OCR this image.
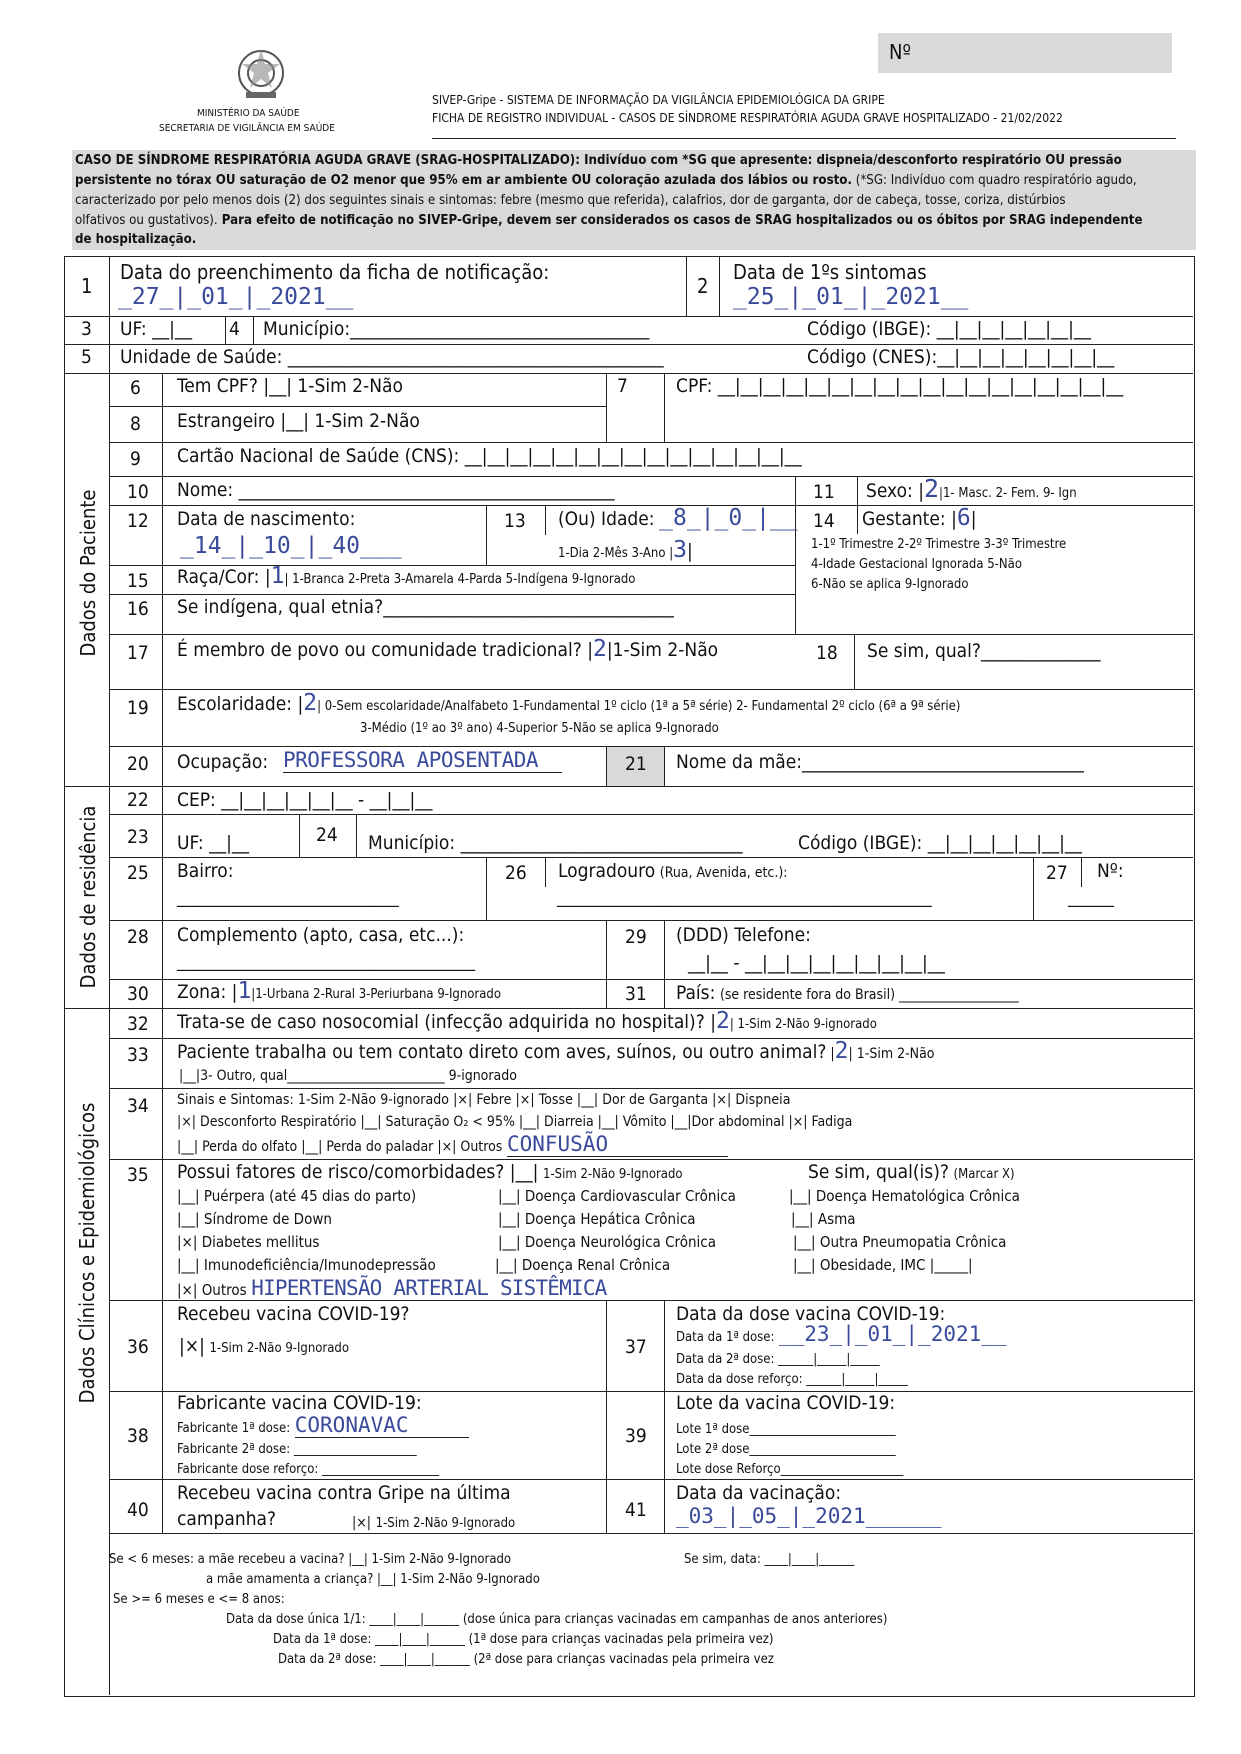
Nº
MINISTÉRIO DA SAÚDE
SECRETARIA DE VIGILÂNCIA EM SAÚDE
SIVEP-Gripe - SISTEMA DE INFORMAÇÃO DA VIGILÂNCIA EPIDEMIOLÓGICA DA GRIPE
FICHA DE REGISTRO INDIVIDUAL - CASOS DE SÍNDROME RESPIRATÓRIA AGUDA GRAVE HOSPITALIZADO - 21/02/2022
CASO DE SÍNDROME RESPIRATÓRIA AGUDA GRAVE (SRAG-HOSPITALIZADO): Indivíduo com *SG que apresente: dispneia/desconforto respiratório OU pressão
persistente no tórax OU saturação de O2 menor que 95% em ar ambiente OU coloração azulada dos lábios ou rosto. (*SG: Indivíduo com quadro respiratório agudo,
caracterizado por pelo menos dois (2) dos seguintes sinais e sintomas: febre (mesmo que referida), calafrios, dor de garganta, dor de cabeça, tosse, coriza, distúrbios
olfativos ou gustativos). Para efeito de notificação no SIVEP-Gripe, devem ser considerados os casos de SRAG hospitalizados ou os óbitos por SRAG independente
de hospitalização.
Dados do Paciente
Dados de residência
Dados Clínicos e Epidemiológicos
1
Data do preenchimento da ficha de notificação:
_27_|_01_|_2021__	2
Data de 1ºs sintomas
_25_|_01_|_2021__
3 UF: __|__ 4 Município:___________________________________	Código (IBGE): __|__|__|__|__|__|__
5 Unidade de Saúde: ____________________________________________	Código (CNES):__|__|__|__|__|__|__|__
6 Tem CPF? |__| 1-Sim 2-Não	7	CPF: __|__|__|__|__|__|__|__|__|__|__|__|__|__|__|__|__|__
8 Estrangeiro |__| 1-Sim 2-Não
9 Cartão Nacional de Saúde (CNS): __|__|__|__|__|__|__|__|__|__|__|__|__|__|__
10 Nome: ____________________________________________	11 Sexo: |2|1- Masc. 2- Fem. 9- Ign
12 Data de nascimento:
_14_|_10_|_40___
13 (Ou) Idade: _8_|_0_|__
1-Dia 2-Mês 3-Ano |3|
14 Gestante: |6|
1-1º Trimestre 2-2º Trimestre 3-3º Trimestre
4-Idade Gestacional Ignorada 5-Não
6-Não se aplica 9-Ignorado
15 Raça/Cor: |1| 1-Branca 2-Preta 3-Amarela 4-Parda 5-Indígena 9-Ignorado
16 Se indígena, qual etnia?__________________________________
17 É membro de povo ou comunidade tradicional? |2|1-Sim 2-Não	18 Se sim, qual?______________
19 Escolaridade: |2| 0-Sem escolaridade/Analfabeto 1-Fundamental 1º ciclo (1ª a 5ª série) 2- Fundamental 2º ciclo (6ª a 9ª série)
3-Médio (1º ao 3º ano) 4-Superior 5-Não se aplica 9-Ignorado
20 Ocupação: PROFESSORA APOSENTADA	21 Nome da mãe:_________________________________
22 CEP: __|__|__|__|__|__ - __|__|__
23 UF: __|__	24 Município: _________________________________	Código (IBGE): __|__|__|__|__|__|__
25 Bairro:
_____________________________
26 Logradouro (Rua, Avenida, etc.):
_________________________________________________
27 Nº:
______
28 Complemento (apto, casa, etc...):
_______________________________________
29 (DDD) Telefone:
__|__ - __|__|__|__|__|__|__|__|__
30 Zona: |1|1-Urbana 2-Rural 3-Periurbana 9-Ignorado	31 País: (se residente fora do Brasil) ___________________
32 Trata-se de caso nosocomial (infecção adquirida no hospital)? |2| 1-Sim 2-Não 9-ignorado
33 Paciente trabalha ou tem contato direto com aves, suínos, ou outro animal? |2| 1-Sim 2-Não
|__|3- Outro, qual_________________________ 9-ignorado
34 Sinais e Sintomas: 1-Sim 2-Não 9-ignorado |⨯| Febre |⨯| Tosse |__| Dor de Garganta |⨯| Dispneia
|⨯| Desconforto Respiratório |__| Saturação O₂ < 95% |__| Diarreia |__| Vômito |__|Dor abdominal |⨯| Fadiga
|__| Perda do olfato |__| Perda do paladar |⨯| Outros CONFUSÃO
35 Possui fatores de risco/comorbidades? |__| 1-Sim 2-Não 9-Ignorado	Se sim, qual(is)? (Marcar X)
|__| Puérpera (até 45 dias do parto)	|__| Doença Cardiovascular Crônica	|__| Doença Hematológica Crônica
|__| Síndrome de Down	|__| Doença Hepática Crônica	|__| Asma
|⨯| Diabetes mellitus	|__| Doença Neurológica Crônica	|__| Outra Pneumopatia Crônica
|__| Imunodeficiência/Imunodepressão	|__| Doença Renal Crônica	|__| Obesidade, IMC |_____|
|⨯| Outros HIPERTENSÃO ARTERIAL SISTÊMICA
36
Recebeu vacina COVID-19?
|⨯| 1-Sim 2-Não 9-Ignorado	37
Data da dose vacina COVID-19:
Data da 1ª dose: __23_|_01_|_2021__
Data da 2ª dose: ______|_____|_____
Data da dose reforço: ______|_____|_____
38
Fabricante vacina COVID-19:
Fabricante 1ª dose: CORONAVAC
Fabricante 2ª dose: _____________________
Fabricante dose reforço: ____________________
39
Lote da vacina COVID-19:
Lote 1ª dose_________________________
Lote 2ª dose_________________________
Lote dose Reforço_____________________
40
Recebeu vacina contra Gripe na última
campanha?	|⨯| 1-Sim 2-Não 9-Ignorado
41
Data da vacinação:
_03_|_05_|_2021______
Se < 6 meses: a mãe recebeu a vacina? |__| 1-Sim 2-Não 9-Ignorado	Se sim, data: ____|____|______
a mãe amamenta a criança? |__| 1-Sim 2-Não 9-Ignorado
Se >= 6 meses e <= 8 anos:
Data da dose única 1/1: ____|____|______ (dose única para crianças vacinadas em campanhas de anos anteriores)
Data da 1ª dose: ____|____|______ (1ª dose para crianças vacinadas pela primeira vez)
Data da 2ª dose: ____|____|______ (2ª dose para crianças vacinadas pela primeira vez
